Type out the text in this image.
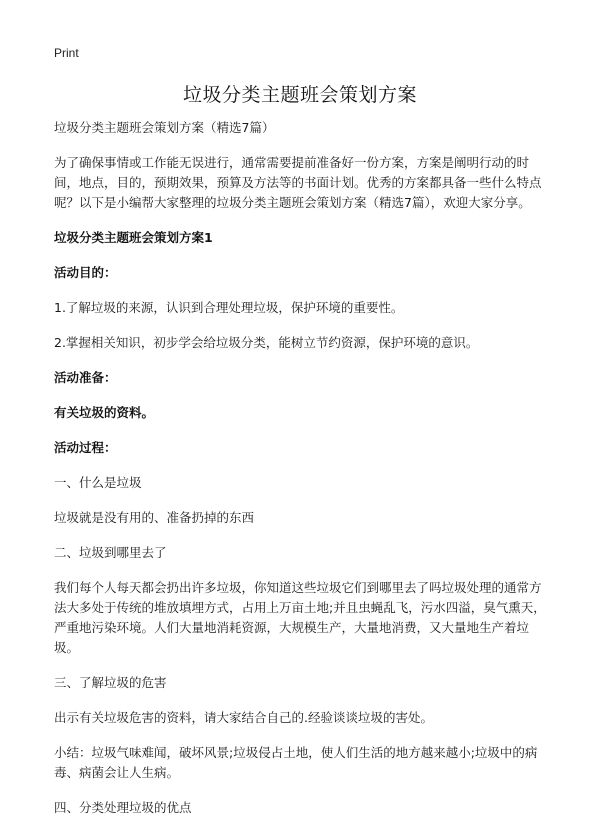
Print
垃圾分类主题班会策划方案

垃圾分类主题班会策划方案（精选7篇）

为了确保事情或工作能无误进行，通常需要提前准备好一份方案，方案是阐明行动的时间，地点，目的，预期效果，预算及方法等的书面计划。优秀的方案都具备一些什么特点呢？以下是小编帮大家整理的垃圾分类主题班会策划方案（精选7篇），欢迎大家分享。

垃圾分类主题班会策划方案1

活动目的：

1.了解垃圾的来源，认识到合理处理垃圾，保护环境的重要性。

2.掌握相关知识，初步学会给垃圾分类，能树立节约资源，保护环境的意识。

活动准备：

有关垃圾的资料。

活动过程：

一、什么是垃圾

垃圾就是没有用的、准备扔掉的东西

二、垃圾到哪里去了

我们每个人每天都会扔出许多垃圾，你知道这些垃圾它们到哪里去了吗垃圾处理的通常方法大多处于传统的堆放填埋方式，占用上万亩土地;并且虫蝇乱飞，污水四溢，臭气熏天，严重地污染环境。人们大量地消耗资源，大规模生产，大量地消费，又大量地生产着垃圾。

三、了解垃圾的危害

出示有关垃圾危害的资料，请大家结合自己的.经验谈谈垃圾的害处。

小结：垃圾气味难闻，破坏风景;垃圾侵占土地，使人们生活的地方越来越小;垃圾中的病毒、病菌会让人生病。

四、分类处理垃圾的优点
